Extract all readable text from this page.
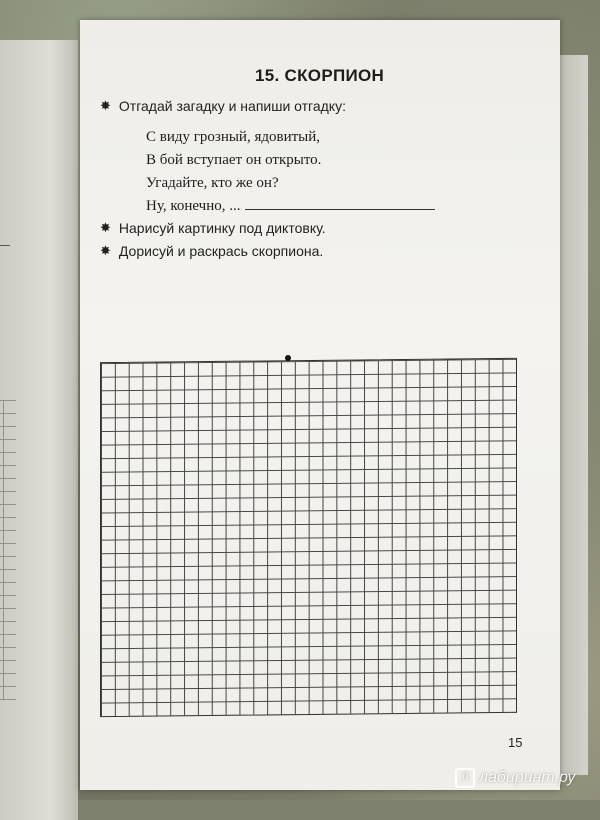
15. СКОРПИОН
✸ Отгадай загадку и напиши отгадку:
С виду грозный, ядовитый,
В бой вступает он открыто.
Угадайте, кто же он?
Ну, конечно, ...
✸ Нарисуй картинку под диктовку.
✸ Дорисуй и раскрась скорпиона.
15
Л лабиринт.ру
